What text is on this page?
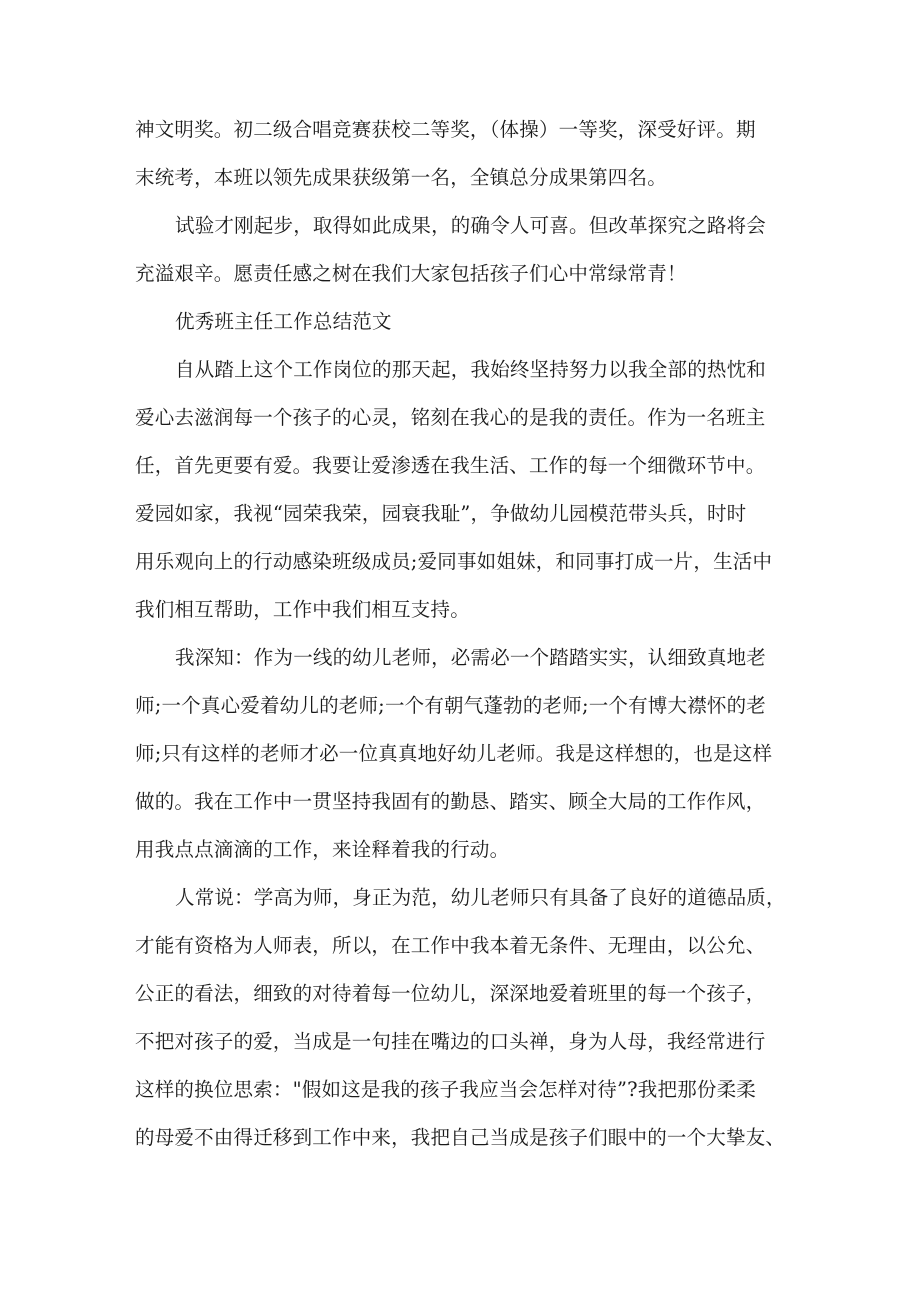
神文明奖。初二级合唱竞赛获校二等奖，（体操）一等奖，深受好评。期
末统考，本班以领先成果获级第一名，全镇总分成果第四名。
试验才刚起步，取得如此成果，的确令人可喜。但改革探究之路将会
充溢艰辛。愿责任感之树在我们大家包括孩子们心中常绿常青！
优秀班主任工作总结范文
自从踏上这个工作岗位的那天起，我始终坚持努力以我全部的热忱和
爱心去滋润每一个孩子的心灵，铭刻在我心的是我的责任。作为一名班主
任，首先更要有爱。我要让爱渗透在我生活、工作的每一个细微环节中。
爱园如家，我视“园荣我荣，园衰我耻”，争做幼儿园模范带头兵，时时
用乐观向上的行动感染班级成员;爱同事如姐妹，和同事打成一片，生活中
我们相互帮助，工作中我们相互支持。
我深知：作为一线的幼儿老师，必需必一个踏踏实实，认细致真地老
师;一个真心爱着幼儿的老师;一个有朝气蓬勃的老师;一个有博大襟怀的老
师;只有这样的老师才必一位真真地好幼儿老师。我是这样想的，也是这样
做的。我在工作中一贯坚持我固有的勤恳、踏实、顾全大局的工作作风，
用我点点滴滴的工作，来诠释着我的行动。
人常说：学高为师，身正为范，幼儿老师只有具备了良好的道德品质，
才能有资格为人师表，所以，在工作中我本着无条件、无理由，以公允、
公正的看法，细致的对待着每一位幼儿，深深地爱着班里的每一个孩子，
不把对孩子的爱，当成是一句挂在嘴边的口头禅，身为人母，我经常进行
这样的换位思索："假如这是我的孩子我应当会怎样对待”?我把那份柔柔
的母爱不由得迁移到工作中来，我把自己当成是孩子们眼中的一个大挚友、
